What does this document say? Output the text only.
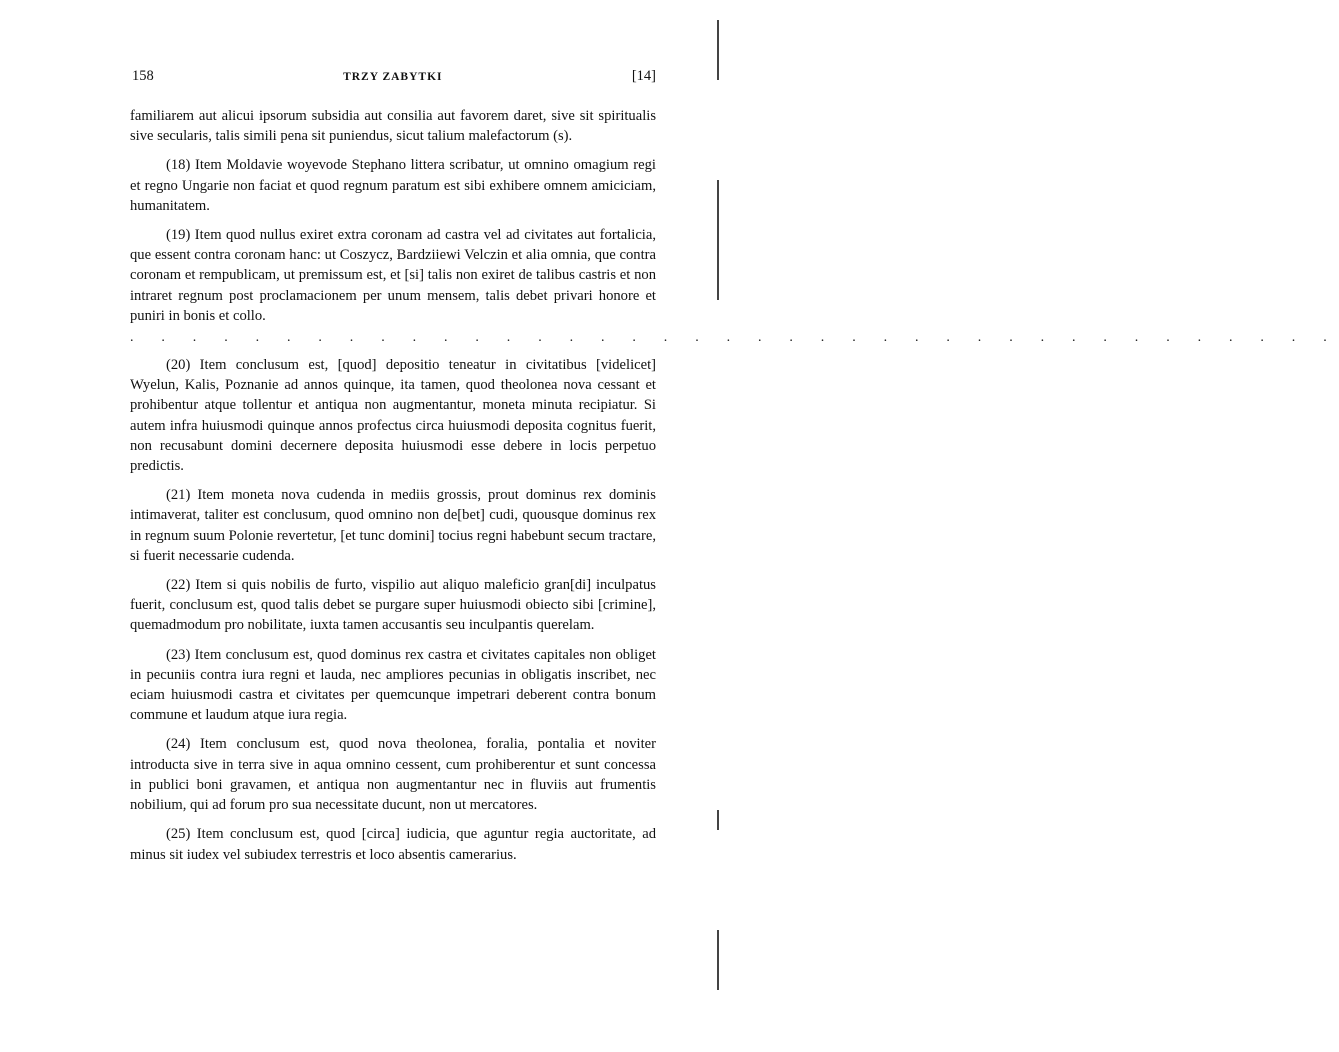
158	TRZY ZABYTKI	[14]

familiarem aut alicui ipsorum subsidia aut consilia aut favorem daret, sive sit spiritualis sive secularis, talis simili pena sit puniendus, sicut talium malefactorum (s).

(18) Item Moldavie woyevode Stephano littera scribatur, ut omnino omagium regi et regno Ungarie non faciat et quod regnum paratum est sibi exhibere omnem amiciciam, humanitatem.

(19) Item quod nullus exiret extra coronam ad castra vel ad civitates aut fortalicia, que essent contra coronam hanc: ut Coszycz, Bardziiewi Velczin et alia omnia, que contra coronam et rempublicam, ut premissum est, et [si] talis non exiret de talibus castris et non intraret regnum post proclamacionem per unum mensem, talis debet privari honore et puniri in bonis et collo.

. . . . . . . . . . . . . . . . . . . . . . . . . . . . . . . . . . . . . . .

(20) Item conclusum est, [quod] depositio teneatur in civitatibus [videlicet] Wyelun, Kalis, Poznanie ad annos quinque, ita tamen, quod theolonea nova cessant et prohibentur atque tollentur et antiqua non augmentantur, moneta minuta recipiatur. Si autem infra huiusmodi quinque annos profectus circa huiusmodi deposita cognitus fuerit, non recusabunt domini decernere deposita huiusmodi esse debere in locis perpetuo predictis.

(21) Item moneta nova cudenda in mediis grossis, prout dominus rex dominis intimaverat, taliter est conclusum, quod omnino non de[bet] cudi, quousque dominus rex in regnum suum Polonie revertetur, [et tunc domini] tocius regni habebunt secum tractare, si fuerit necessarie cudenda.

(22) Item si quis nobilis de furto, vispilio aut aliquo maleficio gran[di] inculpatus fuerit, conclusum est, quod talis debet se purgare super huiusmodi obiecto sibi [crimine], quemadmodum pro nobilitate, iuxta tamen accusantis seu inculpantis querelam.

(23) Item conclusum est, quod dominus rex castra et civitates capitales non obliget in pecuniis contra iura regni et lauda, nec ampliores pecunias in obligatis inscribet, nec eciam huiusmodi castra et civitates per quemcunque impetrari deberent contra bonum commune et laudum atque iura regia.

(24) Item conclusum est, quod nova theolonea, foralia, pontalia et noviter introducta sive in terra sive in aqua omnino cessent, cum prohiberentur et sunt concessa in publici boni gravamen, et antiqua non augmentantur nec in fluviis aut frumentis nobilium, qui ad forum pro sua necessitate ducunt, non ut mercatores.

(25) Item conclusum est, quod [circa] iudicia, que aguntur regia auctoritate, ad minus sit iudex vel subiudex terrestris et loco absentis camerarius.
